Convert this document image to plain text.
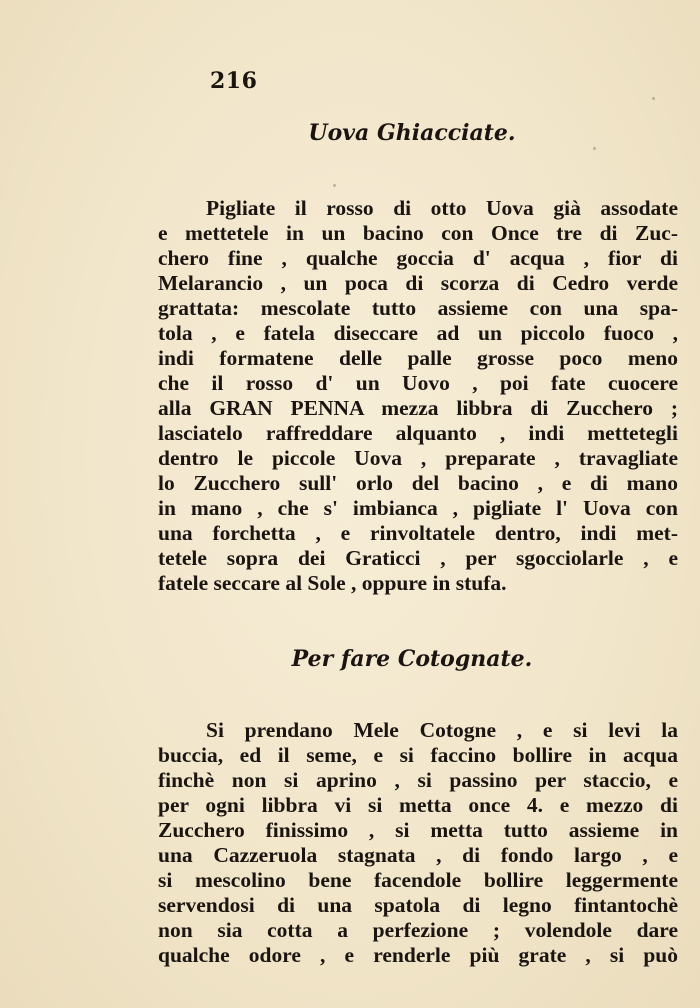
216
Uova Ghiacciate.
Pigliate il rosso di otto Uova già assodate
e mettetele in un bacino con Once tre di Zuc-
chero fine , qualche goccia d' acqua , fior di
Melarancio , un poca di scorza di Cedro verde
grattata: mescolate tutto assieme con una spa-
tola , e fatela diseccare ad un piccolo fuoco ,
indi formatene delle palle grosse poco meno
che il rosso d' un Uovo , poi fate cuocere
alla GRAN PENNA mezza libbra di Zucchero ;
lasciatelo raffreddare alquanto , indi mettetegli
dentro le piccole Uova , preparate , travagliate
lo Zucchero sull' orlo del bacino , e di mano
in mano , che s' imbianca , pigliate l' Uova con
una forchetta , e rinvoltatele dentro, indi met-
tetele sopra dei Graticci , per sgocciolarle , e
fatele seccare al Sole , oppure in stufa.
Per fare Cotognate.
Si prendano Mele Cotogne , e si levi la
buccia, ed il seme, e si faccino bollire in acqua
finchè non si aprino , si passino per staccio, e
per ogni libbra vi si metta once 4. e mezzo di
Zucchero finissimo , si metta tutto assieme in
una Cazzeruola stagnata , di fondo largo , e
si mescolino bene facendole bollire leggermente
servendosi di una spatola di legno fintantochè
non sia cotta a perfezione ; volendole dare
qualche odore , e renderle più grate , si può
